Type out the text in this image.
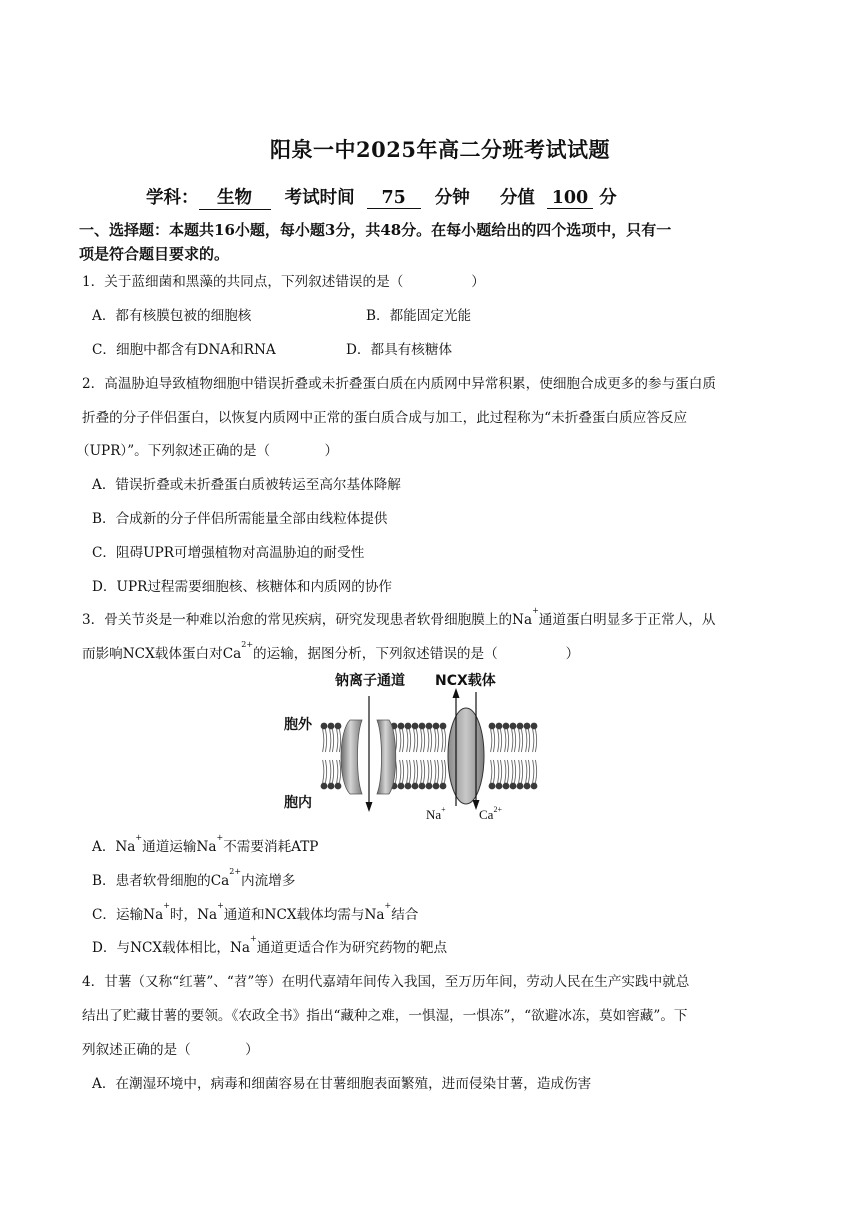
阳泉一中2025年高二分班考试试题
学科： 生物 考试时间 75 分钟 分值 100 分
一、选择题：本题共16小题，每小题3分，共48分。在每小题给出的四个选项中，只有一
项是符合题目要求的。
1．关于蓝细菌和黑藻的共同点，下列叙述错误的是（　　　　　）
A．都有核膜包被的细胞核	B．都能固定光能
C．细胞中都含有DNA和RNA	D．都具有核糖体
2．高温胁迫导致植物细胞中错误折叠或未折叠蛋白质在内质网中异常积累，使细胞合成更多的参与蛋白质
折叠的分子伴侣蛋白，以恢复内质网中正常的蛋白质合成与加工，此过程称为“未折叠蛋白质应答反应
（UPR）”。下列叙述正确的是（　　　　）
A．错误折叠或未折叠蛋白质被转运至高尔基体降解
B．合成新的分子伴侣所需能量全部由线粒体提供
C．阻碍UPR可增强植物对高温胁迫的耐受性
D．UPR过程需要细胞核、核糖体和内质网的协作
3．骨关节炎是一种难以治愈的常见疾病，研究发现患者软骨细胞膜上的Na+通道蛋白明显多于正常人，从
而影响NCX载体蛋白对$Ca^{2+}$的运输，据图分析，下列叙述错误的是（　　　　　）
钠离子通道 NCX载体
胞外
胞内
Na+	$Ca^{2+}$
A．Na+通道运输Na+不需要消耗ATP
B．患者软骨细胞的$Ca^{2+}$内流增多
C．运输Na+时，Na+通道和NCX载体均需与Na+结合
D．与NCX载体相比，Na+通道更适合作为研究药物的靶点
4．甘薯（又称“红薯”、“苕”等）在明代嘉靖年间传入我国，至万历年间，劳动人民在生产实践中就总
结出了贮藏甘薯的要领。《农政全书》指出“藏种之难，一惧湿，一惧冻”，“欲避冰冻，莫如窖藏”。下
列叙述正确的是（　　　　）
A．在潮湿环境中，病毒和细菌容易在甘薯细胞表面繁殖，进而侵染甘薯，造成伤害
